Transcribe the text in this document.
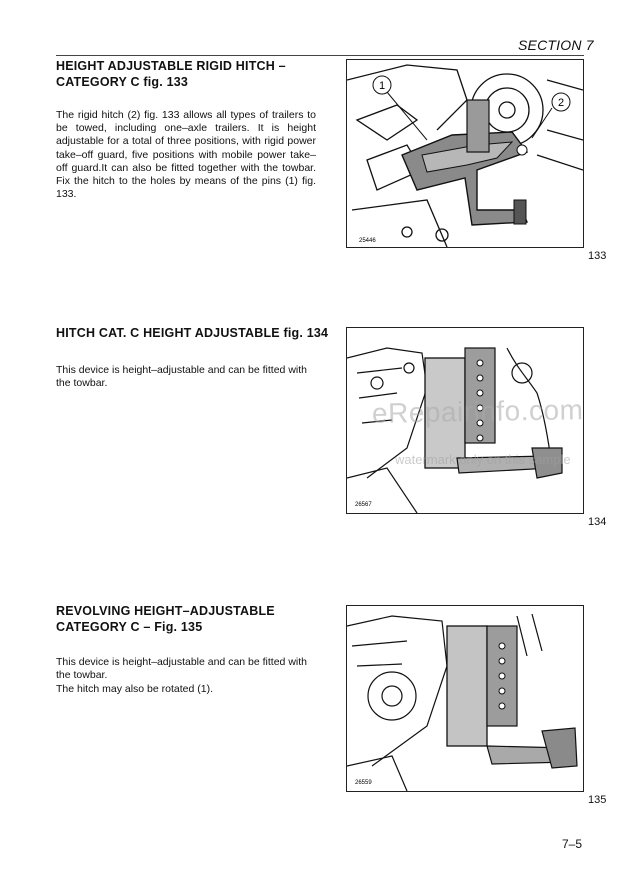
SECTION 7
HEIGHT ADJUSTABLE RIGID HITCH –
CATEGORY C fig. 133
The rigid hitch (2) fig. 133 allows all types of trailers to be towed, including one–axle trailers. It is height adjustable for a total of three positions, with rigid power take–off guard, five positions with mobile power take–off guard.It can also be fitted together with the towbar. Fix the hitch to the holes by means of the pins (1) fig. 133.
1
2
25446
133
HITCH CAT. C HEIGHT ADJUSTABLE fig. 134
This device is height–adjustable and can be fitted with the towbar.
26567
134
eRepairinfo.com
watermark only on this sample
REVOLVING HEIGHT–ADJUSTABLE
CATEGORY C – Fig. 135
This device is height–adjustable and can be fitted with the towbar.
The hitch may also be rotated (1).
26559
135
7–5
